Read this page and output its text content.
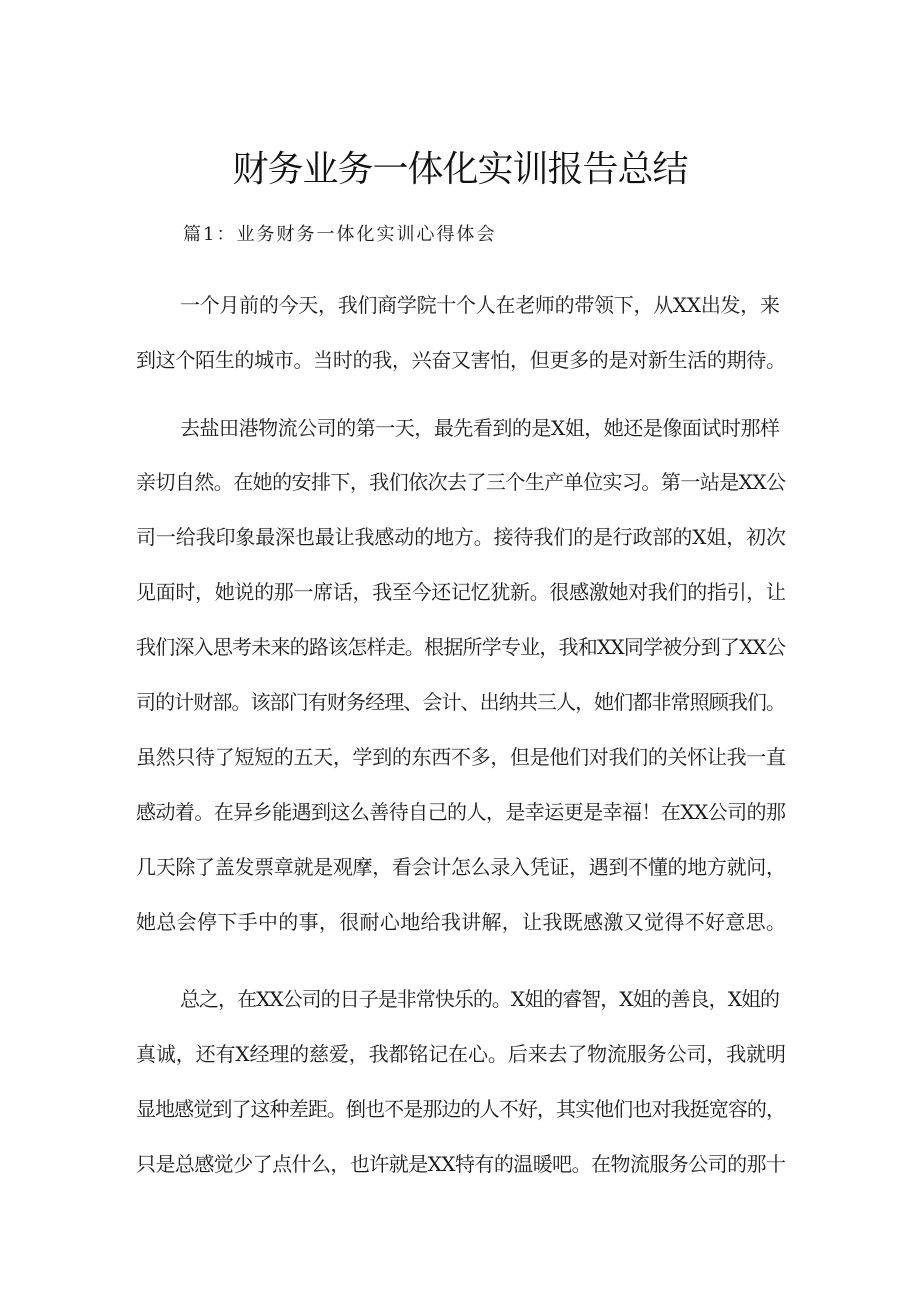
财务业务一体化实训报告总结

篇1：业务财务一体化实训心得体会

一个月前的今天，我们商学院十个人在老师的带领下，从XX出发，来

到这个陌生的城市。当时的我，兴奋又害怕，但更多的是对新生活的期待。

去盐田港物流公司的第一天，最先看到的是X姐，她还是像面试时那样

亲切自然。在她的安排下，我们依次去了三个生产单位实习。第一站是XX公

司一给我印象最深也最让我感动的地方。接待我们的是行政部的X姐，初次

见面时，她说的那一席话，我至今还记忆犹新。很感激她对我们的指引，让

我们深入思考未来的路该怎样走。根据所学专业，我和XX同学被分到了XX公

司的计财部。该部门有财务经理、会计、出纳共三人，她们都非常照顾我们。

虽然只待了短短的五天，学到的东西不多，但是他们对我们的关怀让我一直

感动着。在异乡能遇到这么善待自己的人，是幸运更是幸福！在XX公司的那

几天除了盖发票章就是观摩，看会计怎么录入凭证，遇到不懂的地方就问，

她总会停下手中的事，很耐心地给我讲解，让我既感激又觉得不好意思。

总之，在XX公司的日子是非常快乐的。X姐的睿智，X姐的善良，X姐的

真诚，还有X经理的慈爱，我都铭记在心。后来去了物流服务公司，我就明

显地感觉到了这种差距。倒也不是那边的人不好，其实他们也对我挺宽容的，

只是总感觉少了点什么，也许就是XX特有的温暖吧。在物流服务公司的那十
